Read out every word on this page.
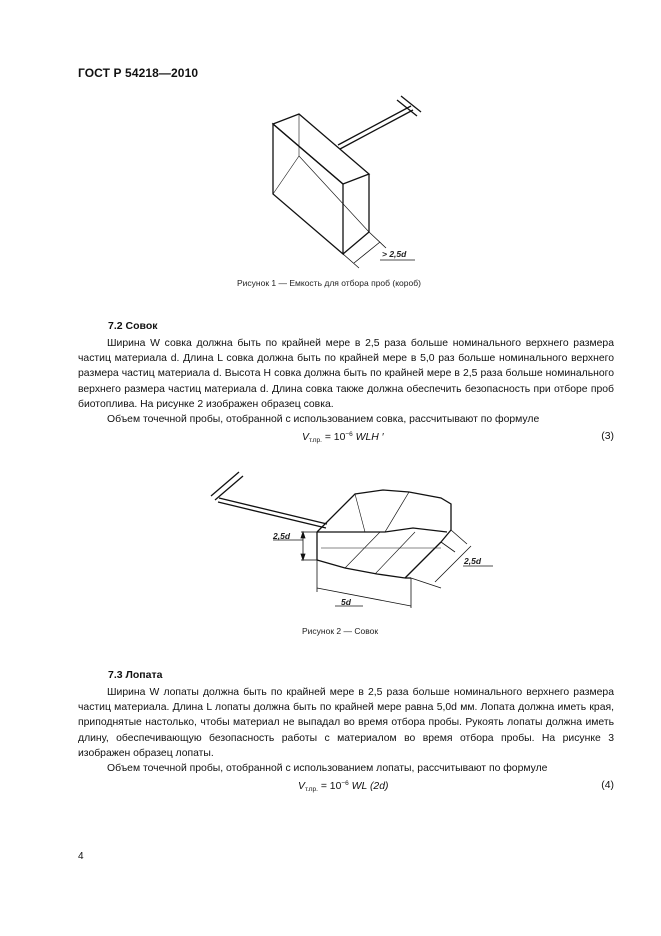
ГОСТ Р 54218—2010
> 2,5d
Рисунок 1 — Емкость для отбора проб (короб)
7.2 Совок

Ширина W совка должна быть по крайней мере в 2,5 раза больше номинального верхнего размера частиц материала d. Длина L совка должна быть по крайней мере в 5,0 раз больше номинального верхнего размера частиц материала d. Высота H совка должна быть по крайней мере в 2,5 раза больше номинального верхнего размера частиц материала d. Длина совка также должна обеспечить безопасность при отборе проб биотоплива. На рисунке 2 изображен образец совка.

Объем точечной пробы, отобранной с использованием совка, рассчитывают по формуле

$V_{т.пр.} = 10^{-6}$ WLH ′	(3)
2,5d
2,5d
5d
Рисунок 2 — Совок
7.3 Лопата

Ширина W лопаты должна быть по крайней мере в 2,5 раза больше номинального верхнего размера частиц материала. Длина L лопаты должна быть по крайней мере равна 5,0d мм. Лопата должна иметь края, приподнятые настолько, чтобы материал не выпадал во время отбора пробы. Рукоять лопаты должна иметь длину, обеспечивающую безопасность работы с материалом во время отбора пробы. На рисунке 3 изображен образец лопаты.

Объем точечной пробы, отобранной с использованием лопаты, рассчитывают по формуле

$V_{т.пр.} = 10^{-6}$ WL (2d)	(4)
4
